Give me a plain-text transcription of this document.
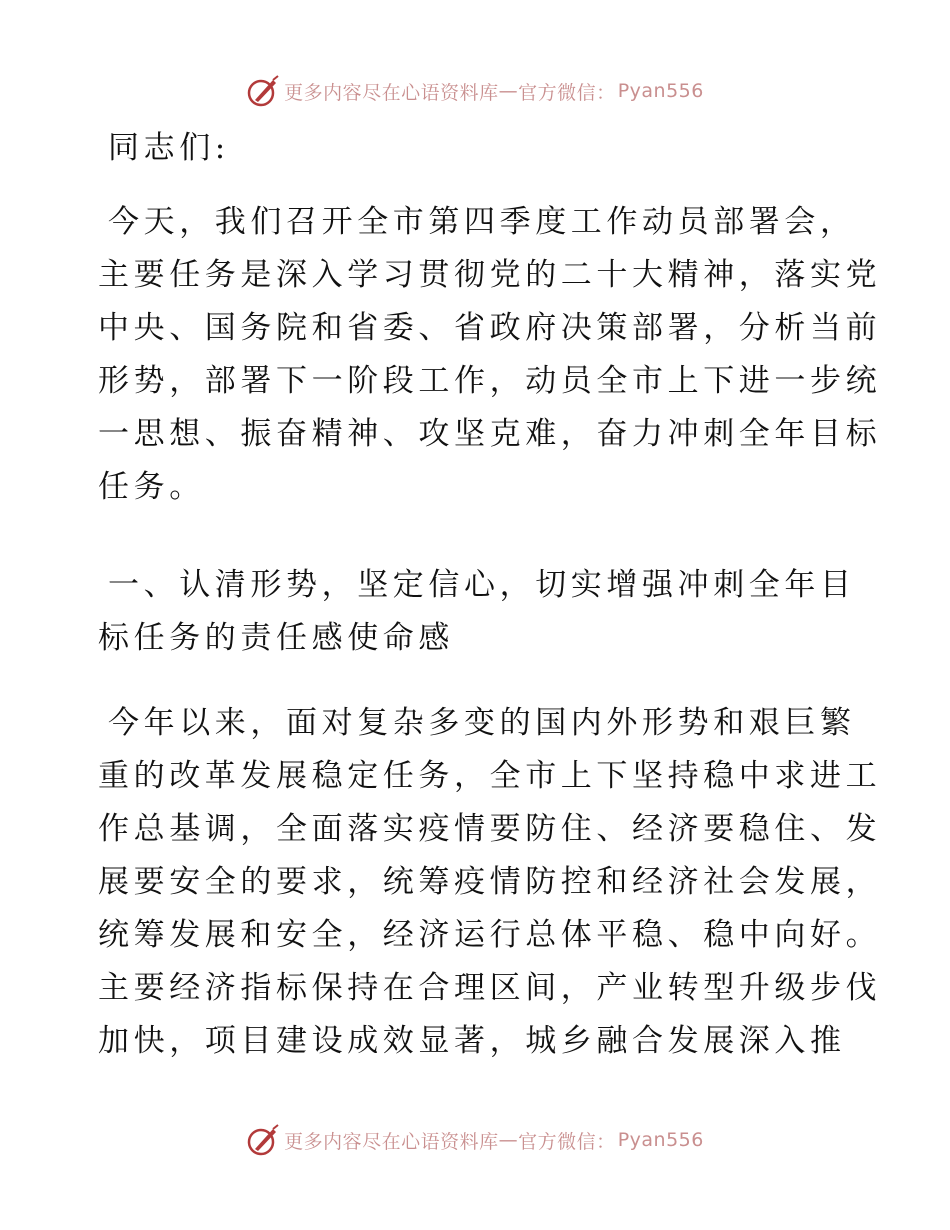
更多内容尽在心语资料库 — 官方微信： Pyan556
同志们:
今天，我们召开全市第四季度工作动员部署会，
主要任务是深入学习贯彻党的二十大精神，落实党
中央、国务院和省委、省政府决策部署，分析当前
形势，部署下一阶段工作，动员全市上下进一步统
一思想、振奋精神、攻坚克难，奋力冲刺全年目标
任务。
一、认清形势，坚定信心，切实增强冲刺全年目
标任务的责任感使命感
今年以来，面对复杂多变的国内外形势和艰巨繁
重的改革发展稳定任务，全市上下坚持稳中求进工
作总基调，全面落实疫情要防住、经济要稳住、发
展要安全的要求，统筹疫情防控和经济社会发展，
统筹发展和安全，经济运行总体平稳、稳中向好。
主要经济指标保持在合理区间，产业转型升级步伐
加快，项目建设成效显著，城乡融合发展深入推
更多内容尽在心语资料库 — 官方微信： Pyan556
